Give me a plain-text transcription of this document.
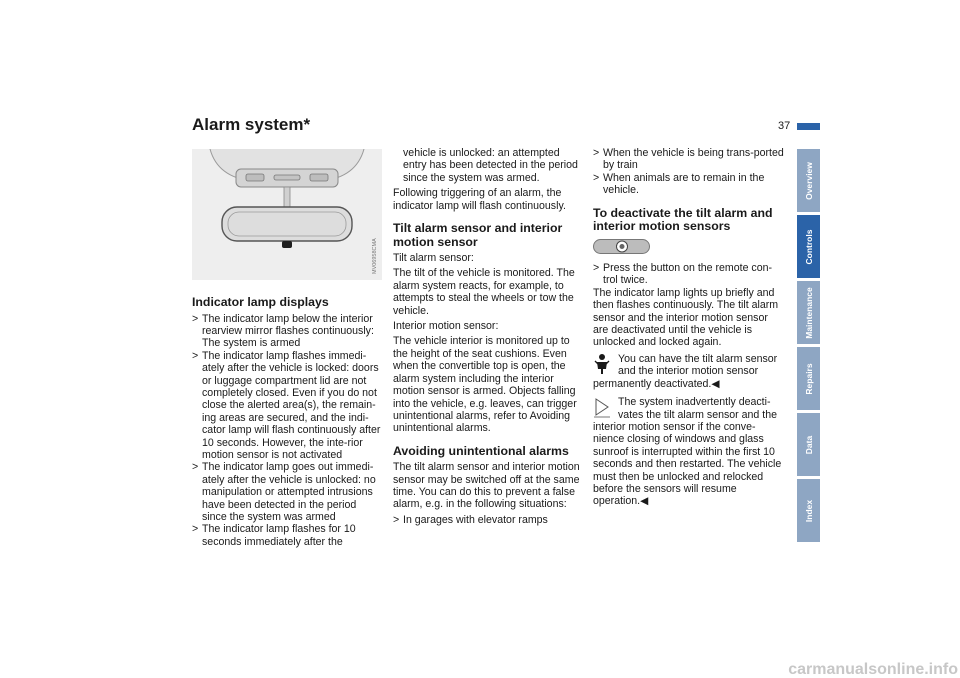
Alarm system*	37
Overview
Controls
Maintenance
Repairs
Data
Index
MV06958CMA
Indicator lamp displays
> The indicator lamp below the interior rearview mirror flashes continuously: The system is armed
> The indicator lamp flashes immedi-ately after the vehicle is locked: doors or luggage compartment lid are not completely closed. Even if you do not close the alerted area(s), the remain-ing areas are secured, and the indi-cator lamp will flash continuously after 10 seconds. However, the inte-rior motion sensor is not activated
> The indicator lamp goes out immedi-ately after the vehicle is unlocked: no manipulation or attempted intrusions have been detected in the period since the system was armed
> The indicator lamp flashes for 10 seconds immediately after the

vehicle is unlocked: an attempted entry has been detected in the period since the system was armed.

Following triggering of an alarm, the indicator lamp will flash continuously.

Tilt alarm sensor and interior motion sensor

Tilt alarm sensor:

The tilt of the vehicle is monitored. The alarm system reacts, for example, to attempts to steal the wheels or tow the vehicle.

Interior motion sensor:

The vehicle interior is monitored up to the height of the seat cushions. Even when the convertible top is open, the alarm system including the interior motion sensor is armed. Objects falling into the vehicle, e.g. leaves, can trigger unintentional alarms, refer to Avoiding unintentional alarms.

Avoiding unintentional alarms

The tilt alarm sensor and interior motion sensor may be switched off at the same time. You can do this to prevent a false alarm, e.g. in the following situations:

> In garages with elevator ramps
> When the vehicle is being trans-ported by train
> When animals are to remain in the vehicle.
To deactivate the tilt alarm and interior motion sensors
> Press the button on the remote con-trol twice.

The indicator lamp lights up briefly and then flashes continuously. The tilt alarm sensor and the interior motion sensor are deactivated until the vehicle is unlocked and locked again.

You can have the tilt alarm sensor and the interior motion sensor permanently deactivated.◀

The system inadvertently deacti-vates the tilt alarm sensor and the interior motion sensor if the conve-nience closing of windows and glass sunroof is interrupted within the first 10 seconds and then restarted. The vehicle must then be unlocked and relocked before the sensors will resume operation.◀

carmanualsonline.info
